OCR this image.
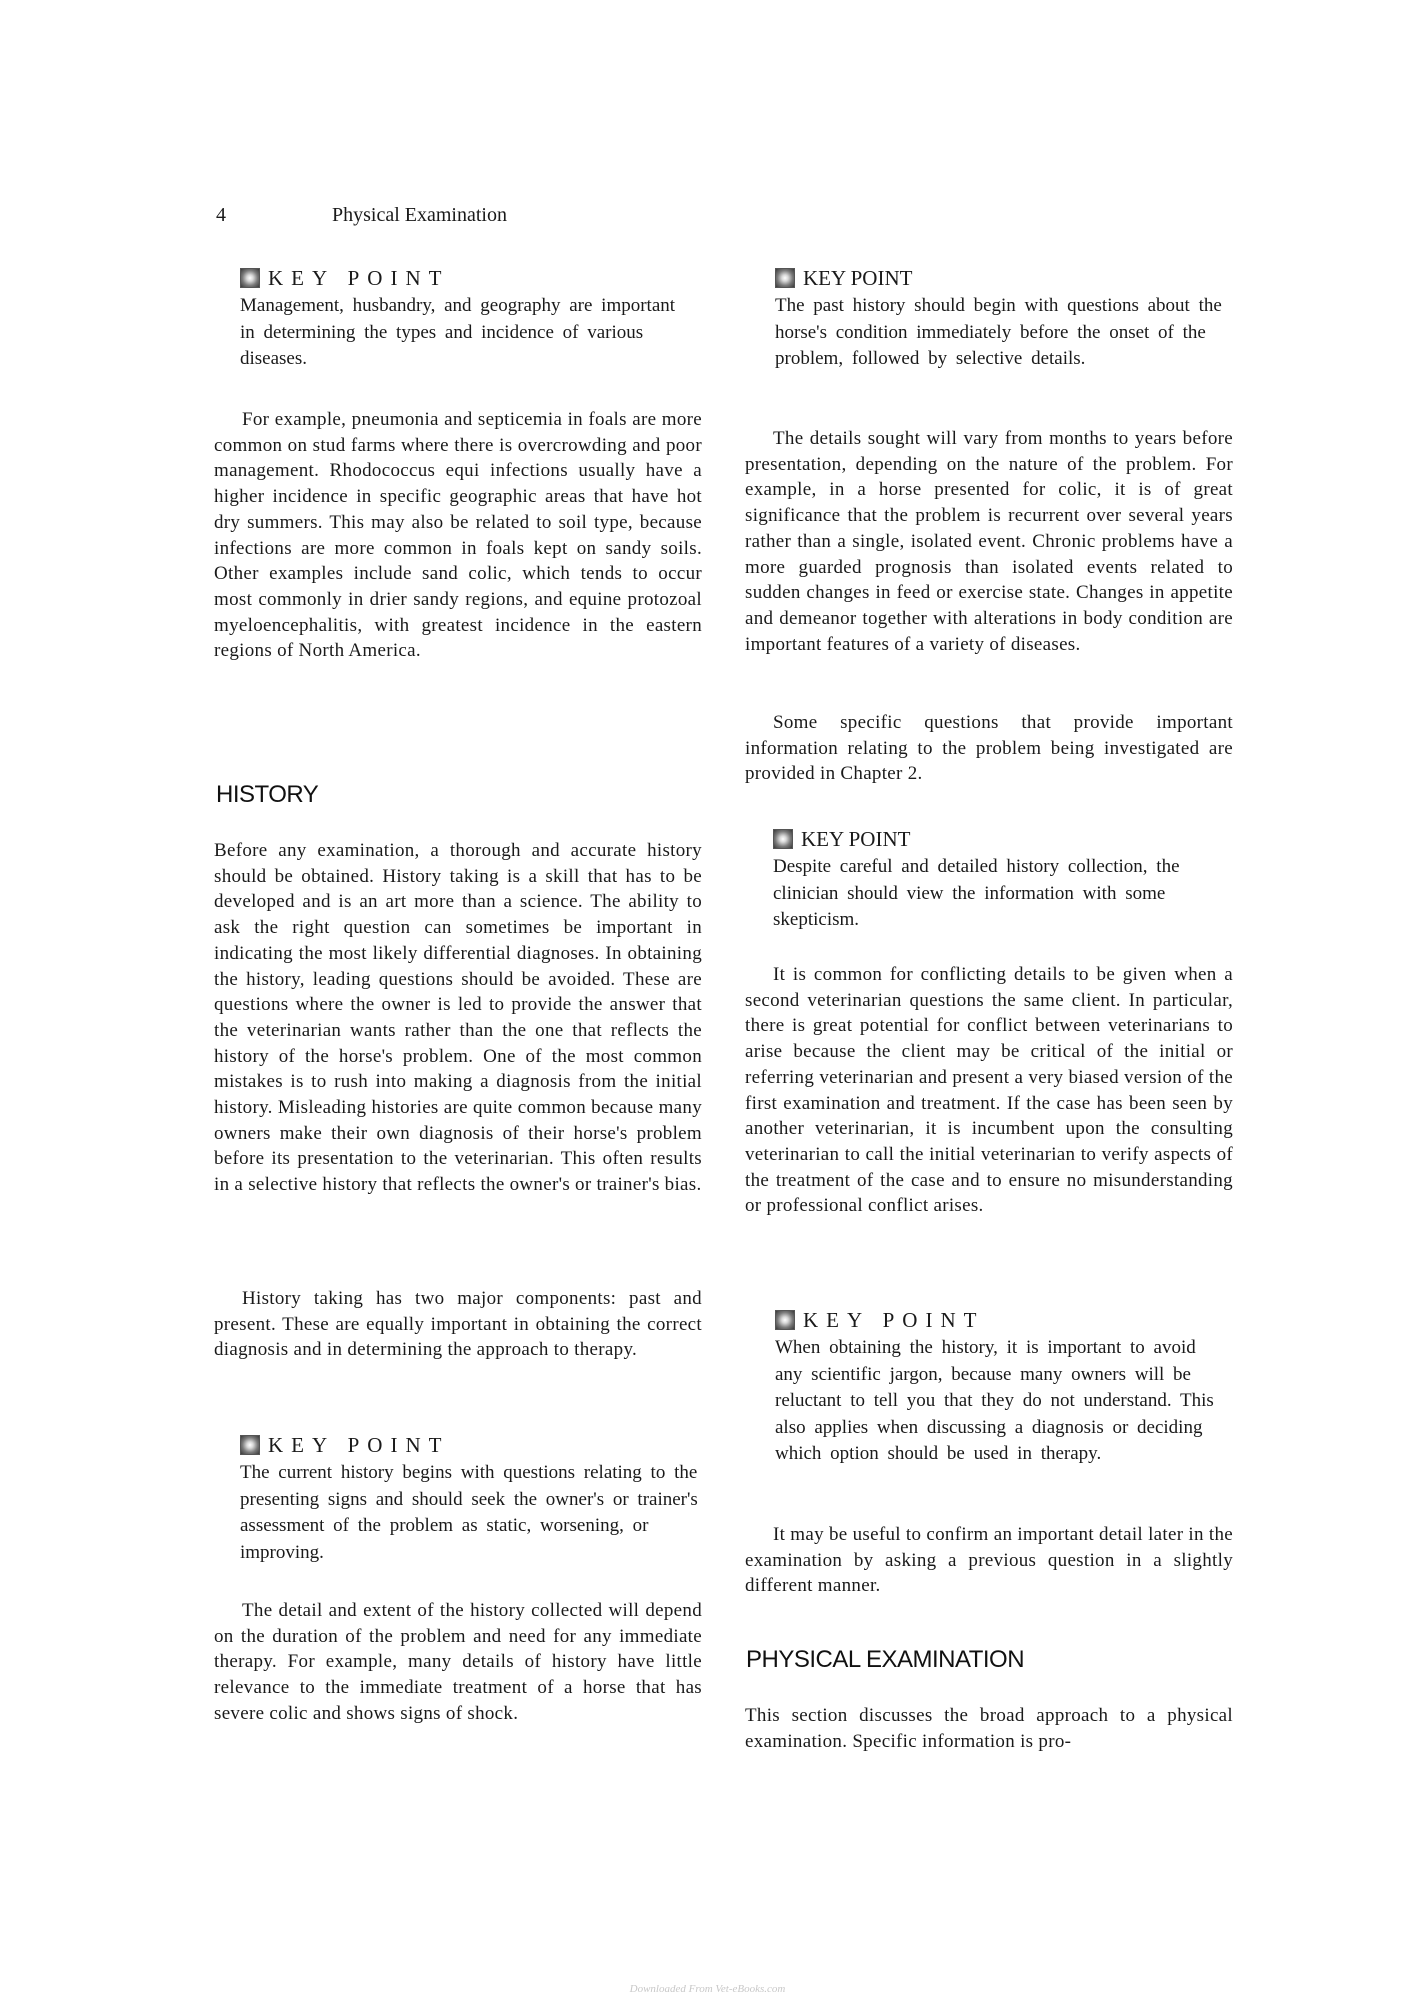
4	Physical Examination
KEY POINT
Management, husbandry, and geography are important in determining the types and incidence of various diseases.
For example, pneumonia and septicemia in foals are more common on stud farms where there is overcrowding and poor management. Rhodococcus equi infections usually have a higher incidence in specific geographic areas that have hot dry summers. This may also be related to soil type, because infections are more common in foals kept on sandy soils. Other examples include sand colic, which tends to occur most commonly in drier sandy regions, and equine protozoal myeloencephalitis, with greatest incidence in the eastern regions of North America.
HISTORY
Before any examination, a thorough and accurate history should be obtained. History taking is a skill that has to be developed and is an art more than a science. The ability to ask the right question can sometimes be important in indicating the most likely differential diagnoses. In obtaining the history, leading questions should be avoided. These are questions where the owner is led to provide the answer that the veterinarian wants rather than the one that reflects the history of the horse's problem. One of the most common mistakes is to rush into making a diagnosis from the initial history. Misleading histories are quite common because many owners make their own diagnosis of their horse's problem before its presentation to the veterinarian. This often results in a selective history that reflects the owner's or trainer's bias.
History taking has two major components: past and present. These are equally important in obtaining the correct diagnosis and in determining the approach to therapy.
KEY POINT
The current history begins with questions relating to the presenting signs and should seek the owner's or trainer's assessment of the problem as static, worsening, or improving.
The detail and extent of the history collected will depend on the duration of the problem and need for any immediate therapy. For example, many details of history have little relevance to the immediate treatment of a horse that has severe colic and shows signs of shock.
KEY POINT
The past history should begin with questions about the horse's condition immediately before the onset of the problem, followed by selective details.
The details sought will vary from months to years before presentation, depending on the nature of the problem. For example, in a horse presented for colic, it is of great significance that the problem is recurrent over several years rather than a single, isolated event. Chronic problems have a more guarded prognosis than isolated events related to sudden changes in feed or exercise state. Changes in appetite and demeanor together with alterations in body condition are important features of a variety of diseases.
Some specific questions that provide important information relating to the problem being investigated are provided in Chapter 2.
KEY POINT
Despite careful and detailed history collection, the clinician should view the information with some skepticism.
It is common for conflicting details to be given when a second veterinarian questions the same client. In particular, there is great potential for conflict between veterinarians to arise because the client may be critical of the initial or referring veterinarian and present a very biased version of the first examination and treatment. If the case has been seen by another veterinarian, it is incumbent upon the consulting veterinarian to call the initial veterinarian to verify aspects of the treatment of the case and to ensure no misunderstanding or professional conflict arises.
KEY POINT
When obtaining the history, it is important to avoid any scientific jargon, because many owners will be reluctant to tell you that they do not understand. This also applies when discussing a diagnosis or deciding which option should be used in therapy.
It may be useful to confirm an important detail later in the examination by asking a previous question in a slightly different manner.
PHYSICAL EXAMINATION
This section discusses the broad approach to a physical examination. Specific information is pro-
Downloaded From Vet-eBooks.com
